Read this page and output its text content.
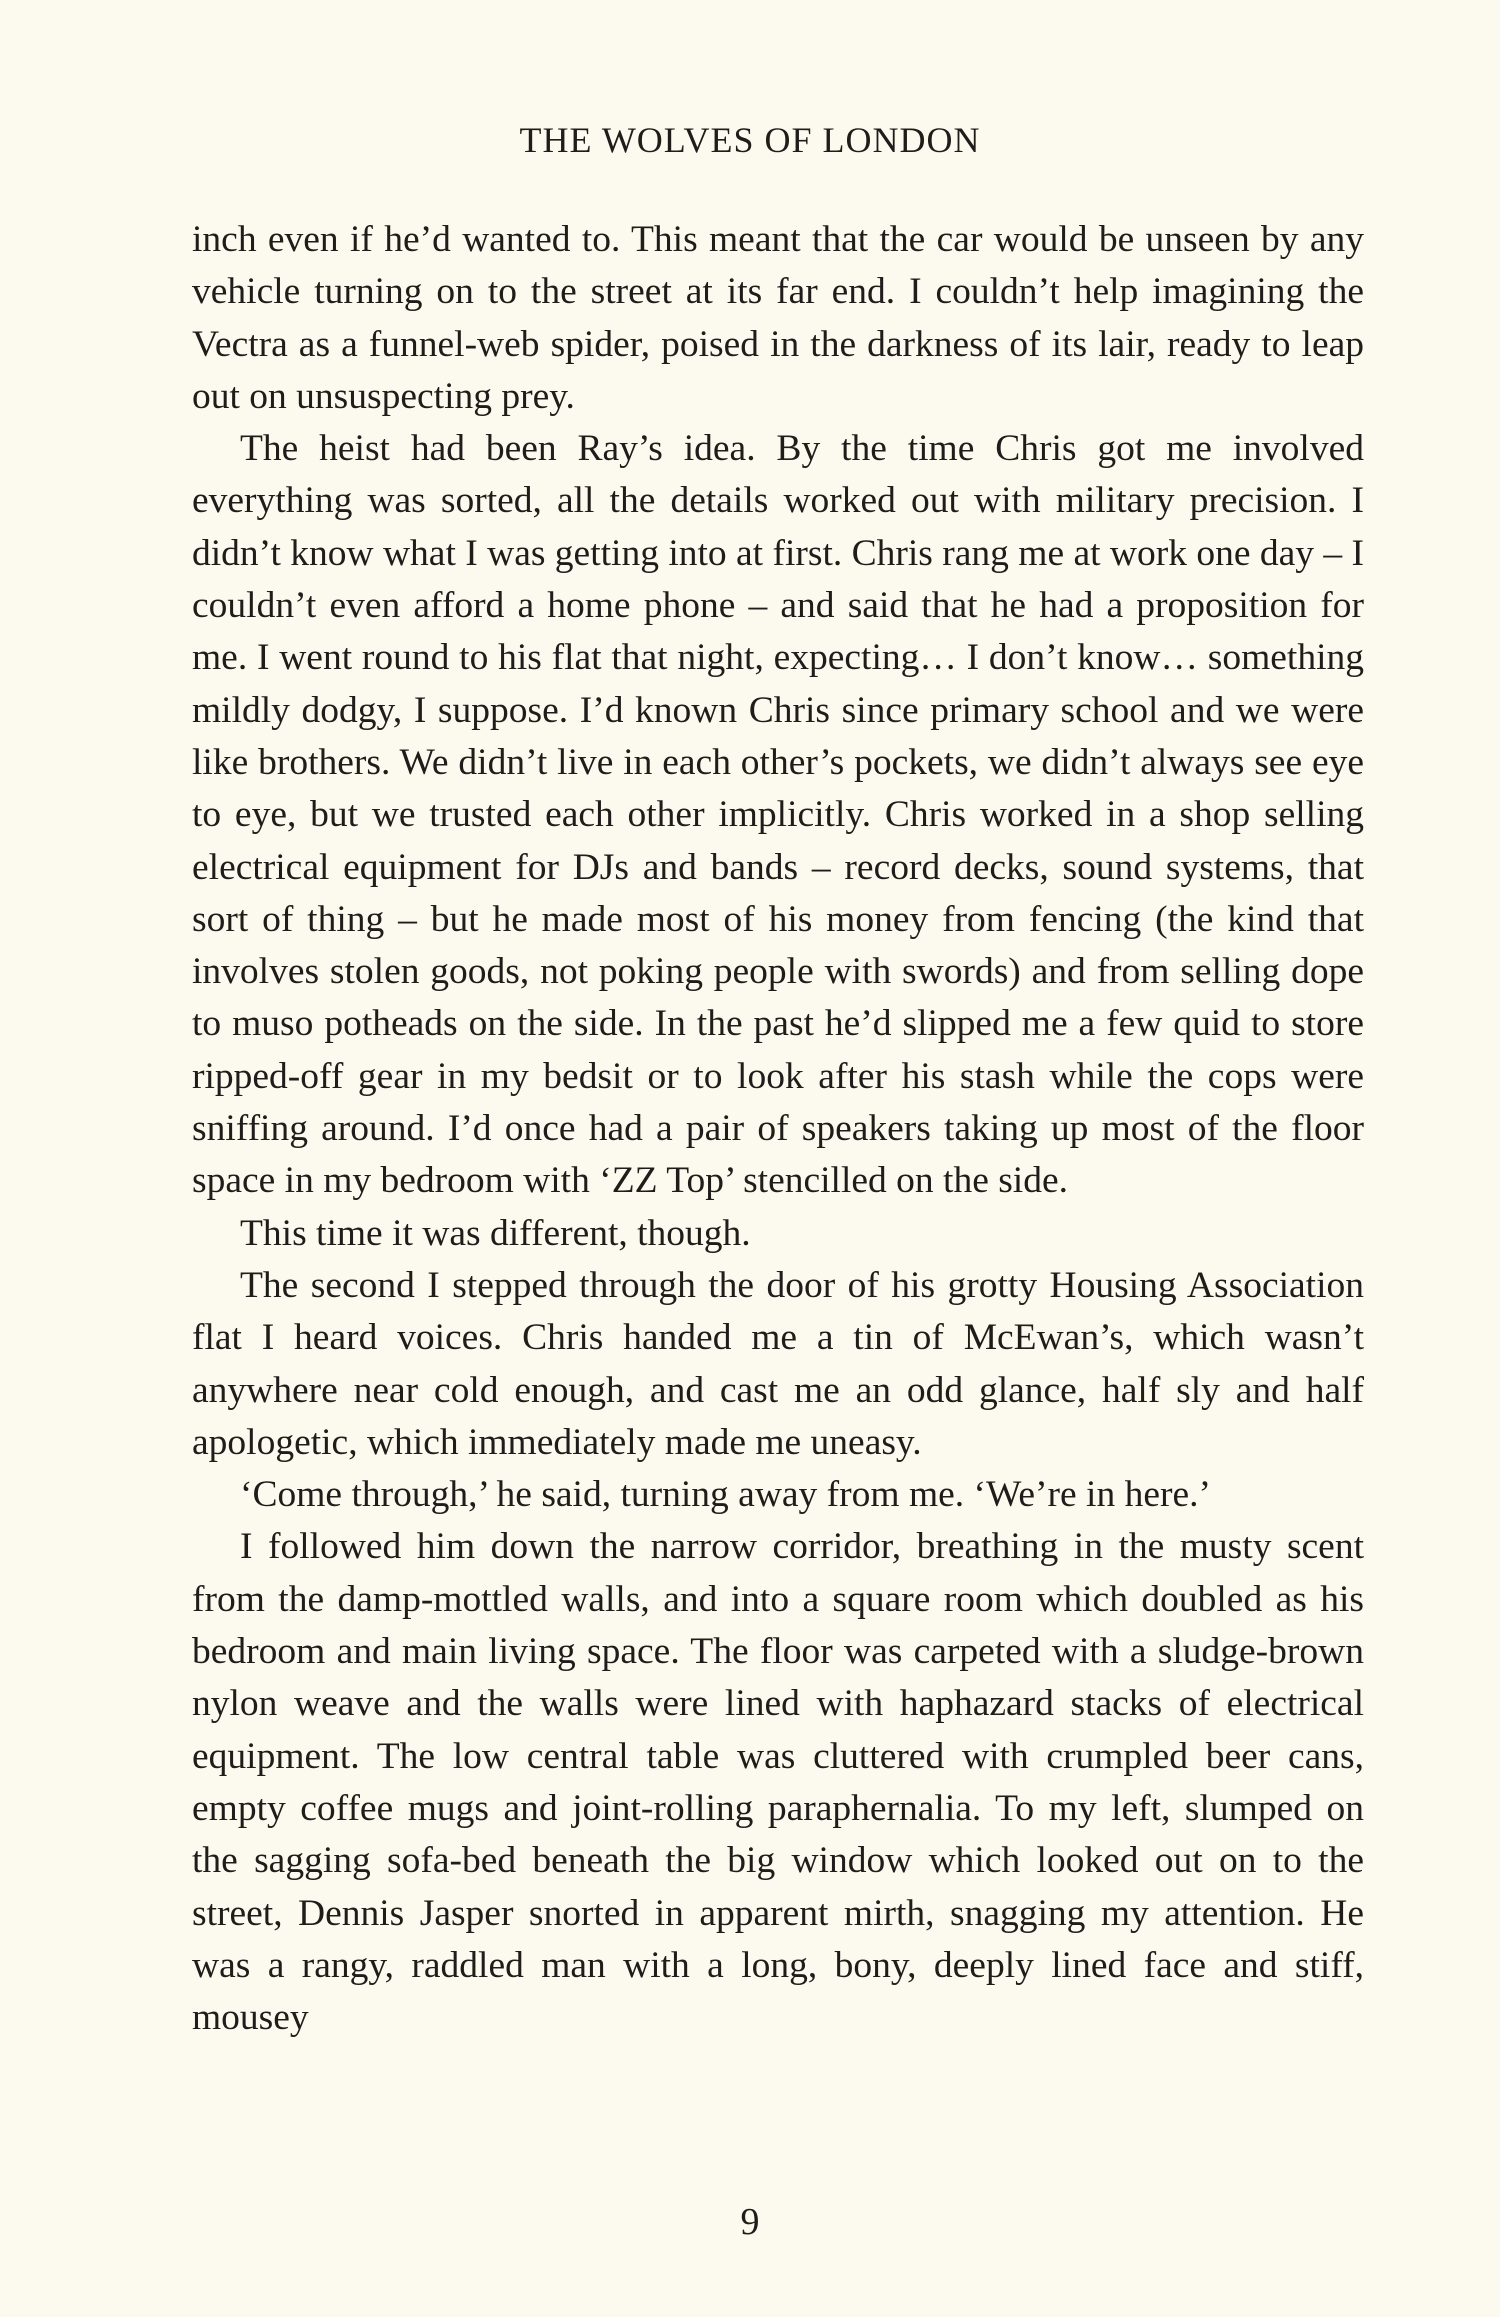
THE WOLVES OF LONDON

inch even if he’d wanted to. This meant that the car would be unseen by any vehicle turning on to the street at its far end. I couldn’t help imagining the Vectra as a funnel-web spider, poised in the darkness of its lair, ready to leap out on unsuspecting prey.

The heist had been Ray’s idea. By the time Chris got me involved everything was sorted, all the details worked out with military precision. I didn’t know what I was getting into at first. Chris rang me at work one day – I couldn’t even afford a home phone – and said that he had a proposition for me. I went round to his flat that night, expecting… I don’t know… something mildly dodgy, I suppose. I’d known Chris since primary school and we were like brothers. We didn’t live in each other’s pockets, we didn’t always see eye to eye, but we trusted each other implicitly. Chris worked in a shop selling electrical equipment for DJs and bands – record decks, sound systems, that sort of thing – but he made most of his money from fencing (the kind that involves stolen goods, not poking people with swords) and from selling dope to muso potheads on the side. In the past he’d slipped me a few quid to store ripped-off gear in my bedsit or to look after his stash while the cops were sniffing around. I’d once had a pair of speakers taking up most of the floor space in my bedroom with ‘ZZ Top’ stencilled on the side.

This time it was different, though.

The second I stepped through the door of his grotty Housing Association flat I heard voices. Chris handed me a tin of McEwan’s, which wasn’t anywhere near cold enough, and cast me an odd glance, half sly and half apologetic, which immediately made me uneasy.

‘Come through,’ he said, turning away from me. ‘We’re in here.’

I followed him down the narrow corridor, breathing in the musty scent from the damp-mottled walls, and into a square room which doubled as his bedroom and main living space. The floor was carpeted with a sludge-brown nylon weave and the walls were lined with haphazard stacks of electrical equipment. The low central table was cluttered with crumpled beer cans, empty coffee mugs and joint-rolling paraphernalia. To my left, slumped on the sagging sofa-bed beneath the big window which looked out on to the street, Dennis Jasper snorted in apparent mirth, snagging my attention. He was a rangy, raddled man with a long, bony, deeply lined face and stiff, mousey

9
